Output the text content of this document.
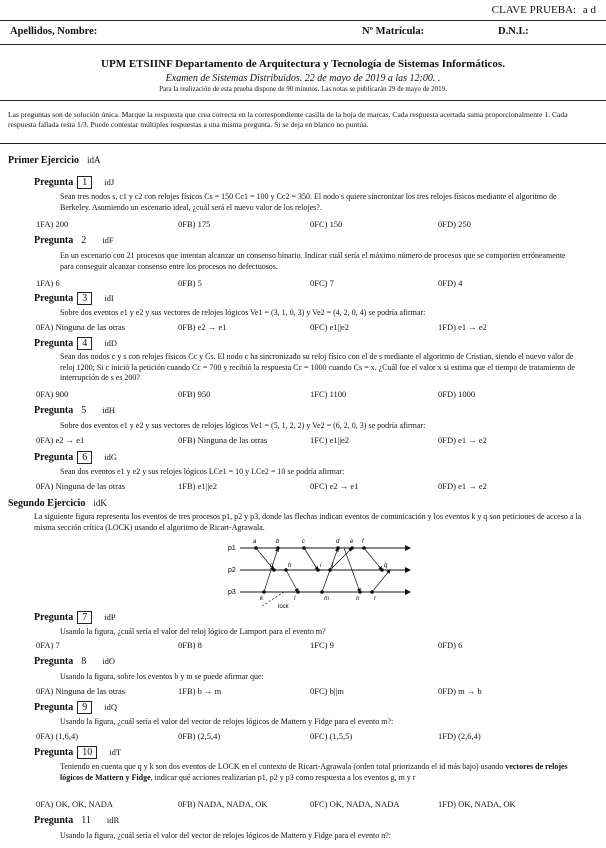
CLAVE PRUEBA: a d
Apellidos, Nombre:	Nº Matrícula:	D.N.I.:
UPM ETSIINF Departamento de Arquitectura y Tecnología de Sistemas Informáticos.
Examen de Sistemas Distribuidos. 22 de mayo de 2019 a las 12:00. .
Para la realización de esta prueba dispone de 90 minutos. Las notas se publicarán 29 de mayo de 2019.
Las preguntas son de solución única. Marque la respuesta que crea correcta en la correspondiente casilla de la hoja de marcas. Cada respuesta acertada suma proporcionalmente 1. Cada respuesta fallada resta 1/3. Puede contestar múltiples respuestas a una misma pregunta. Si se deja en blanco no puntúa.
Primer Ejercicio idA
Pregunta 1 idJ
Sean tres nodos s, c1 y c2 con relojes físicos Cs = 150 Cc1 = 100 y Cc2 = 350. El nodo s quiere sincronizar los tres relojes físicos mediante el algoritmo de Berkeley. Asumiendo un escenario ideal, ¿cuál será el nuevo valor de los relojes?.
1FA) 200	0FB) 175	0FC) 150	0FD) 250
Pregunta 2 idF
En un escenario con 21 procesos que intentan alcanzar un consenso binario. Indicar cuál sería el máximo número de procesos que se comporten erróneamente para conseguir alcanzar consenso entre los procesos no defectuosos.
1FA) 6	0FB) 5	0FC) 7	0FD) 4
Pregunta 3 idI
Sobre dos eventos e1 y e2 y sus vectores de relojes lógicos Ve1 = (3, 1, 0, 3) y Ve2 = (4, 2, 0, 4) se podría afirmar:
0FA) Ninguna de las otras	0FB) e2 → e1	0FC) e1||e2	1FD) e1 → e2
Pregunta 4 idD
Sean dos nodos c y s con relojes físicos Cc y Cs. El nodo c ha sincronizado su reloj físico con el de s mediante el algoritmo de Cristian, siendo el nuevo valor de reloj 1200; Si c inició la petición cuando Cc = 700 y recibió la respuesta Cc = 1000 cuando Cs = x. ¿Cuál fue el valor x si estima que el tiempo de tratamiento de interrupción de s es 200?
0FA) 900	0FB) 950	1FC) 1100	0FD) 1000
Pregunta 5 idH
Sobre dos eventos e1 y e2 y sus vectores de relojes lógicos Ve1 = (5, 1, 2, 2) y Ve2 = (6, 2, 0, 3) se podría afirmar:
0FA) e2 → e1	0FB) Ninguna de las otras	1FC) e1||e2	0FD) e1 → e2
Pregunta 6 idG
Sean dos eventos e1 y e2 y sus relojes lógicos LCe1 = 10 y LCe2 = 10 se podría afirmar:
0FA) Ninguna de las otras	1FB) e1||e2	0FC) e2 → e1	0FD) e1 → e2
Segundo Ejercicio idK
La siguiente figura representa los eventos de tres procesos p1, p2 y p3, donde las flechas indican eventos de comunicación y los eventos k y q son peticiones de acceso a la misma sección crítica (LOCK) usando el algoritmo de Ricart-Agrawala.
p1
p2
p3
a	b	c	d e f
g h	i j
k	l	m	n
q
r
lock
Pregunta 7 idP
Usando la figura, ¿cuál sería el valor del reloj lógico de Lamport para el evento m?
0FA) 7	0FB) 8	1FC) 9	0FD) 6
Pregunta 8 idO
Usando la figura, sobre los eventos b y m se puede afirmar que:
0FA) Ninguna de las otras	1FB) b → m	0FC) b||m	0FD) m → b
Pregunta 9 idQ
Usando la figura, ¿cuál sería el valor del vector de relojes lógicos de Mattern y Fidge para el evento m?:
0FA) (1,6,4)	0FB) (2,5,4)	0FC) (1,5,5)	1FD) (2,6,4)
Pregunta 10 idT
Teniendo en cuenta que q y k son dos eventos de LOCK en el contexto de Ricart-Agrawala (orden total priorizando el id más bajo) usando vectores de relojes lógicos de Mattern y Fidge, indicar qué acciones realizarían p1, p2 y p3 como respuesta a los eventos g, m y r
0FA) OK, OK, NADA	0FB) NADA, NADA, OK	0FC) OK, NADA, NADA	1FD) OK, NADA, OK
Pregunta 11 idR
Usando la figura, ¿cuál sería el valor del vector de relojes lógicos de Mattern y Fidge para el evento n?:
